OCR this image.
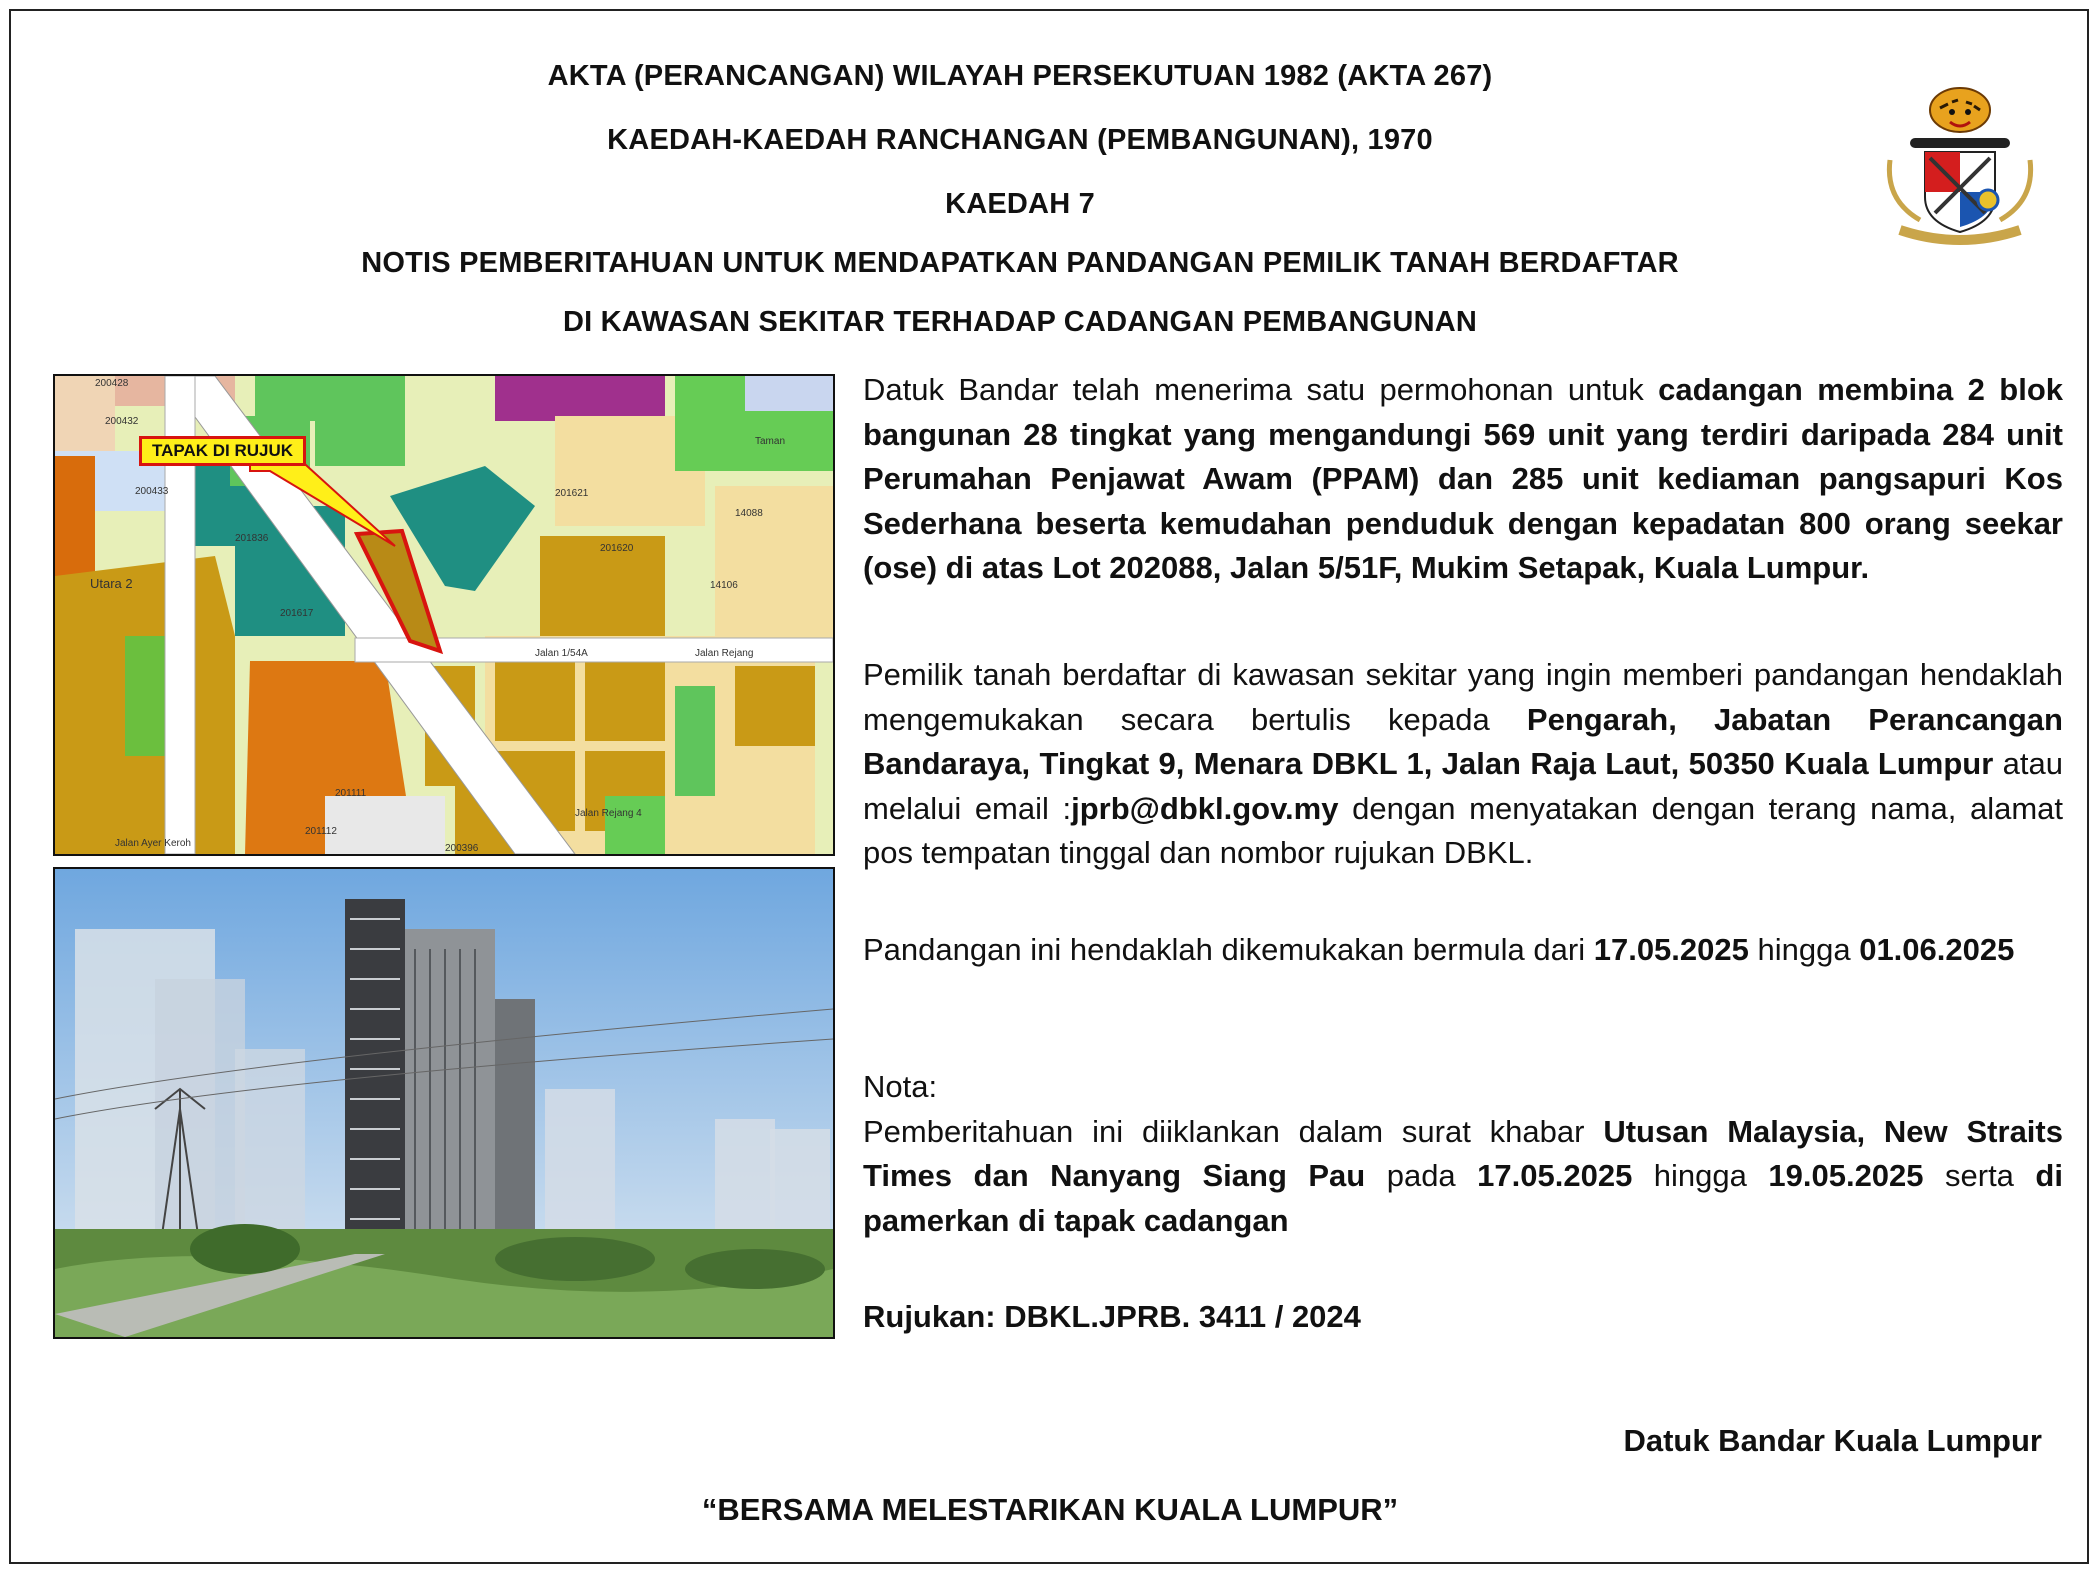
AKTA (PERANCANGAN) WILAYAH PERSEKUTUAN 1982 (AKTA 267)
KAEDAH-KAEDAH RANCHANGAN (PEMBANGUNAN), 1970
KAEDAH 7
NOTIS PEMBERITAHUAN UNTUK MENDAPATKAN PANDANGAN PEMILIK TANAH BERDAFTAR
DI KAWASAN SEKITAR TERHADAP CADANGAN PEMBANGUNAN
200428
200432
200433
201836
201617
Utara 2
201620
201621
14088
14106
Taman
Jalan 1/54A	Jalan Rejang
Jalan Rejang 4
Jalan Ayer Keroh
201112
200396
201111
TAPAK DI RUJUK
Datuk Bandar telah menerima satu permohonan untuk cadangan membina 2 blok bangunan 28 tingkat yang mengandungi 569 unit yang terdiri daripada 284 unit Perumahan Penjawat Awam (PPAM) dan 285 unit kediaman pangsapuri Kos Sederhana beserta kemudahan penduduk dengan kepadatan 800 orang seekar (ose) di atas Lot 202088, Jalan 5/51F, Mukim Setapak, Kuala Lumpur.
Pemilik tanah berdaftar di kawasan sekitar yang ingin memberi pandangan hendaklah mengemukakan secara bertulis kepada Pengarah, Jabatan Perancangan Bandaraya, Tingkat 9, Menara DBKL 1, Jalan Raja Laut, 50350 Kuala Lumpur atau melalui email :jprb@dbkl.gov.my dengan menyatakan dengan terang nama, alamat pos tempatan tinggal dan nombor rujukan DBKL.
Pandangan ini hendaklah dikemukakan bermula dari 17.05.2025 hingga 01.06.2025
Nota:
Pemberitahuan ini diiklankan dalam surat khabar Utusan Malaysia, New Straits Times dan Nanyang Siang Pau pada 17.05.2025 hingga 19.05.2025 serta di pamerkan di tapak cadangan
Rujukan: DBKL.JPRB. 3411 / 2024
Datuk Bandar Kuala Lumpur
“BERSAMA MELESTARIKAN KUALA LUMPUR”
